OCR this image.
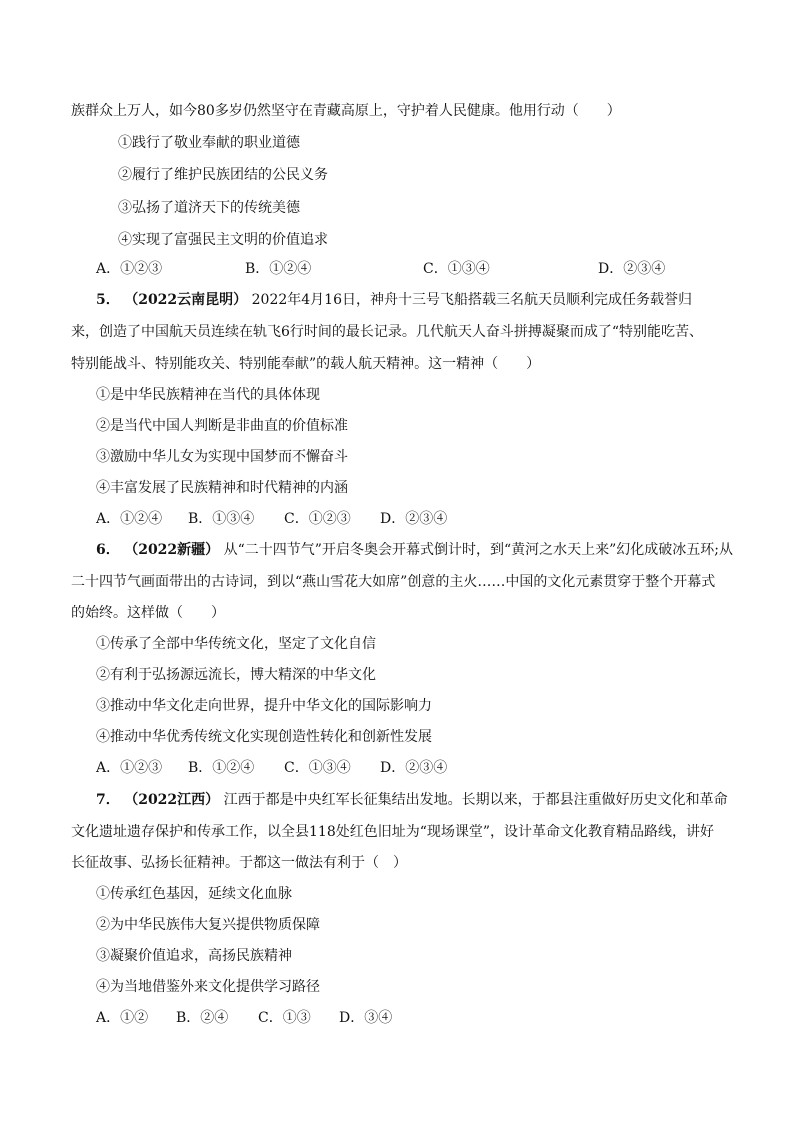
族群众上万人，如今80多岁仍然坚守在青藏高原上，守护着人民健康。他用行动（　　）
①践行了敬业奉献的职业道德
②履行了维护民族团结的公民义务
③弘扬了道济天下的传统美德
④实现了富强民主文明的价值追求
A．①②③	B．①②④	C．①③④	D．②③④
5． （2022云南昆明） 2022年4月16日，神舟十三号飞船搭载三名航天员顺利完成任务载誉归
来，创造了中国航天员连续在轨飞6行时间的最长记录。几代航天人奋斗拼搏凝聚而成了“特别能吃苦、
特别能战斗、特别能攻关、特别能奉献”的载人航天精神。这一精神（　　）
①是中华民族精神在当代的具体体现
②是当代中国人判断是非曲直的价值标准
③激励中华儿女为实现中国梦而不懈奋斗
④丰富发展了民族精神和时代精神的内涵
A．①②④ B．①③④ C．①②③ D．②③④
6． （2022新疆） 从“二十四节气”开启冬奥会开幕式倒计时，到“黄河之水天上来”幻化成破冰五环;从
二十四节气画面带出的古诗词，到以“燕山雪花大如席”创意的主火……中国的文化元素贯穿于整个开幕式
的始终。这样做（　　）
①传承了全部中华传统文化，坚定了文化自信
②有利于弘扬源远流长，博大精深的中华文化
③推动中华文化走向世界，提升中华文化的国际影响力
④推动中华优秀传统文化实现创造性转化和创新性发展
A．①②③ B．①②④ C．①③④ D．②③④
7． （2022江西） 江西于都是中央红军长征集结出发地。长期以来，于都县注重做好历史文化和革命
文化遗址遗存保护和传承工作，以全县118处红色旧址为“现场课堂”，设计革命文化教育精品路线，讲好
长征故事、弘扬长征精神。于都这一做法有利于（　）
①传承红色基因，延续文化血脉
②为中华民族伟大复兴提供物质保障
③凝聚价值追求，高扬民族精神
④为当地借鉴外来文化提供学习路径
A．①② B．②④ C．①③ D．③④
